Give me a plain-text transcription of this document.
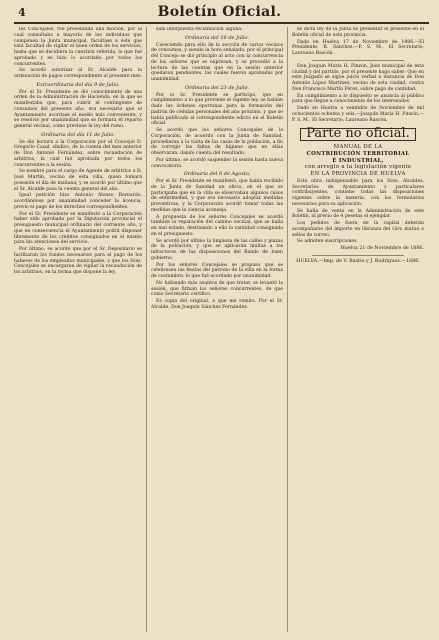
4	Boletín Oficial.

los Concejales, fué presentada una moción, por la cual consultaba a mayoría de los individuos que componen la Junta municipal, facultase a éste que está facultad de vigilar el buen orden de los servicios, hasta que se decidiera la cuestión referida, lo que fué aprobado y se hizo lo acordado por todos los concurrentes.

Se acordó autorizar al Sr. Alcalde para la ordenación de pagos correspondiente al presente mes.

Extraordinaria del día 9 de Julio.

Por el Sr. Presidente se dió conocimiento de una orden de la Administración de Hacienda, en la que se manifestaba que, para cubrir el contingente de consumos del presente año, era necesario que el Ayuntamiento acordase el medio más conveniente, y se resolvió por unanimidad que se formara el reparto general vecinal, como previene la ley del ramo.

Ordinaria del día 11 de Julio.

Se dió lectura a la Corporación por el Concejal D. Gregorio Casal, síndico, de la cuenta del mes anterior de Don Antonio Fernández, sobre recaudación de arbitrios, la cual fué aprobada por todos los concurrentes a la sesión.

Se nombró para el cargo de Agente de arbitrios a D. José Martín, vecino de esta villa, quien tomará posesión el día de mañana; y se acordó por último que el Sr. Alcalde pase la cuenta general del año.

Igual petición hizo Antonio Alonso Bernardo, acordándose por unanimidad conceder la licencia, previo el pago de los derechos correspondientes.

Por el Sr. Presidente se manifestó a la Corporación haber sido aprobado por la Diputación provincial el presupuesto municipal ordinario del corriente año, y que en consecuencia el Ayuntamiento podrá disponer libremente de los créditos consignados en el mismo para las atenciones del servicio.

Por último, se acordó que por el Sr. Depositario se facilitaran los fondos necesarios para el pago de los haberes de los empleados municipales, y que los Sres. Concejales se encargaran de vigilar la recaudación de los arbitrios, en la forma que dispone la ley.

sido interpuesta reclamación alguna.

Ordinaria del 16 de Julio.

Careciendo para ello de la sección de varios vecinos de consumos, y siendo la hora señalada, por el principal del Concejo se dió principio al acto con la concurrencia de los señores que se expresan, y se procedió a la lectura de las cuentas que en la sesión anterior quedaron pendientes, las cuales fueron aprobadas por unanimidad.

Ordinaria del 23 de Julio.

Por el Sr. Presidente se participó, que en cumplimiento a lo que previene el vigente ley, se habían dado las órdenes oportunas para la formación del padrón de cédulas personales del año próximo, y que se había publicado el correspondiente edicto en el Boletín oficial.

Se acordó que los señores Concejales de la Corporación, de acuerdo con la Junta de Sanidad, procedieran a la visita de las casas de la población, a fin de corregir las faltas de higiene que en ellas observaran, dando cuenta del resultado.

Por último, se acordó suspender la sesión hasta nueva convocatoria.

Ordinaria del 6 de Agosto.

Por el Sr. Presidente se manifestó, que había recibido de la Junta de Sanidad un oficio, en el que se participaba que en la villa se observaban algunos casos de enfermedad, y que era necesario adoptar medidas preventivas, y la Corporación acordó tomar todas las medidas que la ciencia aconseja.

A propuesta de los señores Concejales se acordó también la reparación del camino vecinal, que se halla en mal estado, destinando a ello la cantidad consignada en el presupuesto.

Se acordó por último la limpieza de las calles y plazas de la población, y que se aplicaran multas a los infractores de las disposiciones del Bando de buen gobierno.

Por los señores Concejales se propuso que se celebrasen las fiestas del patrono de la villa en la forma de costumbre, lo que fué acordado por unanimidad.

No habiendo más asuntos de que tratar, se levantó la sesión, que firman los señores concurrentes, de que como Secretario certifico.

Es copia del original, a que me remito. Por el Sr. Alcalde, Don Joaquín Sánchez Fernández.

se dicta ley de la Junta es presentar el presente en el Boletín oficial de esta provincia.

Dado en Huelva 17 de Noviembre de 1886.—El Presidente, R. Sánchez.—P. S. M., El Secretario, Laureano Rascón.

Don Joaquín María H. Pinzón, Juez municipal de esta ciudad y del partido, por el presente hago saber: Que en este Juzgado se sigue juicio verbal a instancia de Don Antonio López Martínez, vecino de esta ciudad, contra Don Francisco Martín Pérez, sobre pago de cantidad.

En cumplimiento a lo dispuesto se anuncia al público para que llegue a conocimiento de los interesados.

Dado en Huelva a veintidós de Noviembre de mil ochocientos ochenta y seis.—Joaquín María H. Pinzón.—P. S. M., El Secretario, Laureano Rascón.

Parte no oficial.
MANUAL DE LA
CONTRIBUCIÓN TERRITORIAL
É INDUSTRIAL,
con arreglo a la legislación vigente
EN LA PROVINCIA DE HUELVA

Esta obra indispensable para los Sres. Alcaldes, Secretarios de Ayuntamiento y particulares contribuyentes, contiene todas las disposiciones vigentes sobre la materia, con los formularios necesarios para su aplicación.

Se halla de venta en la Administración de este Boletín, al precio de 4 pesetas el ejemplar.

Los pedidos de fuera de la capital deberán acompañarse del importe en libranza del Giro mutuo o sellos de correo.

Se admiten suscripciones.

Huelva 21 de Noviembre de 1886.

HUELVA.—Imp. de V. Baxtio y J. Rodríguez.—1886.
